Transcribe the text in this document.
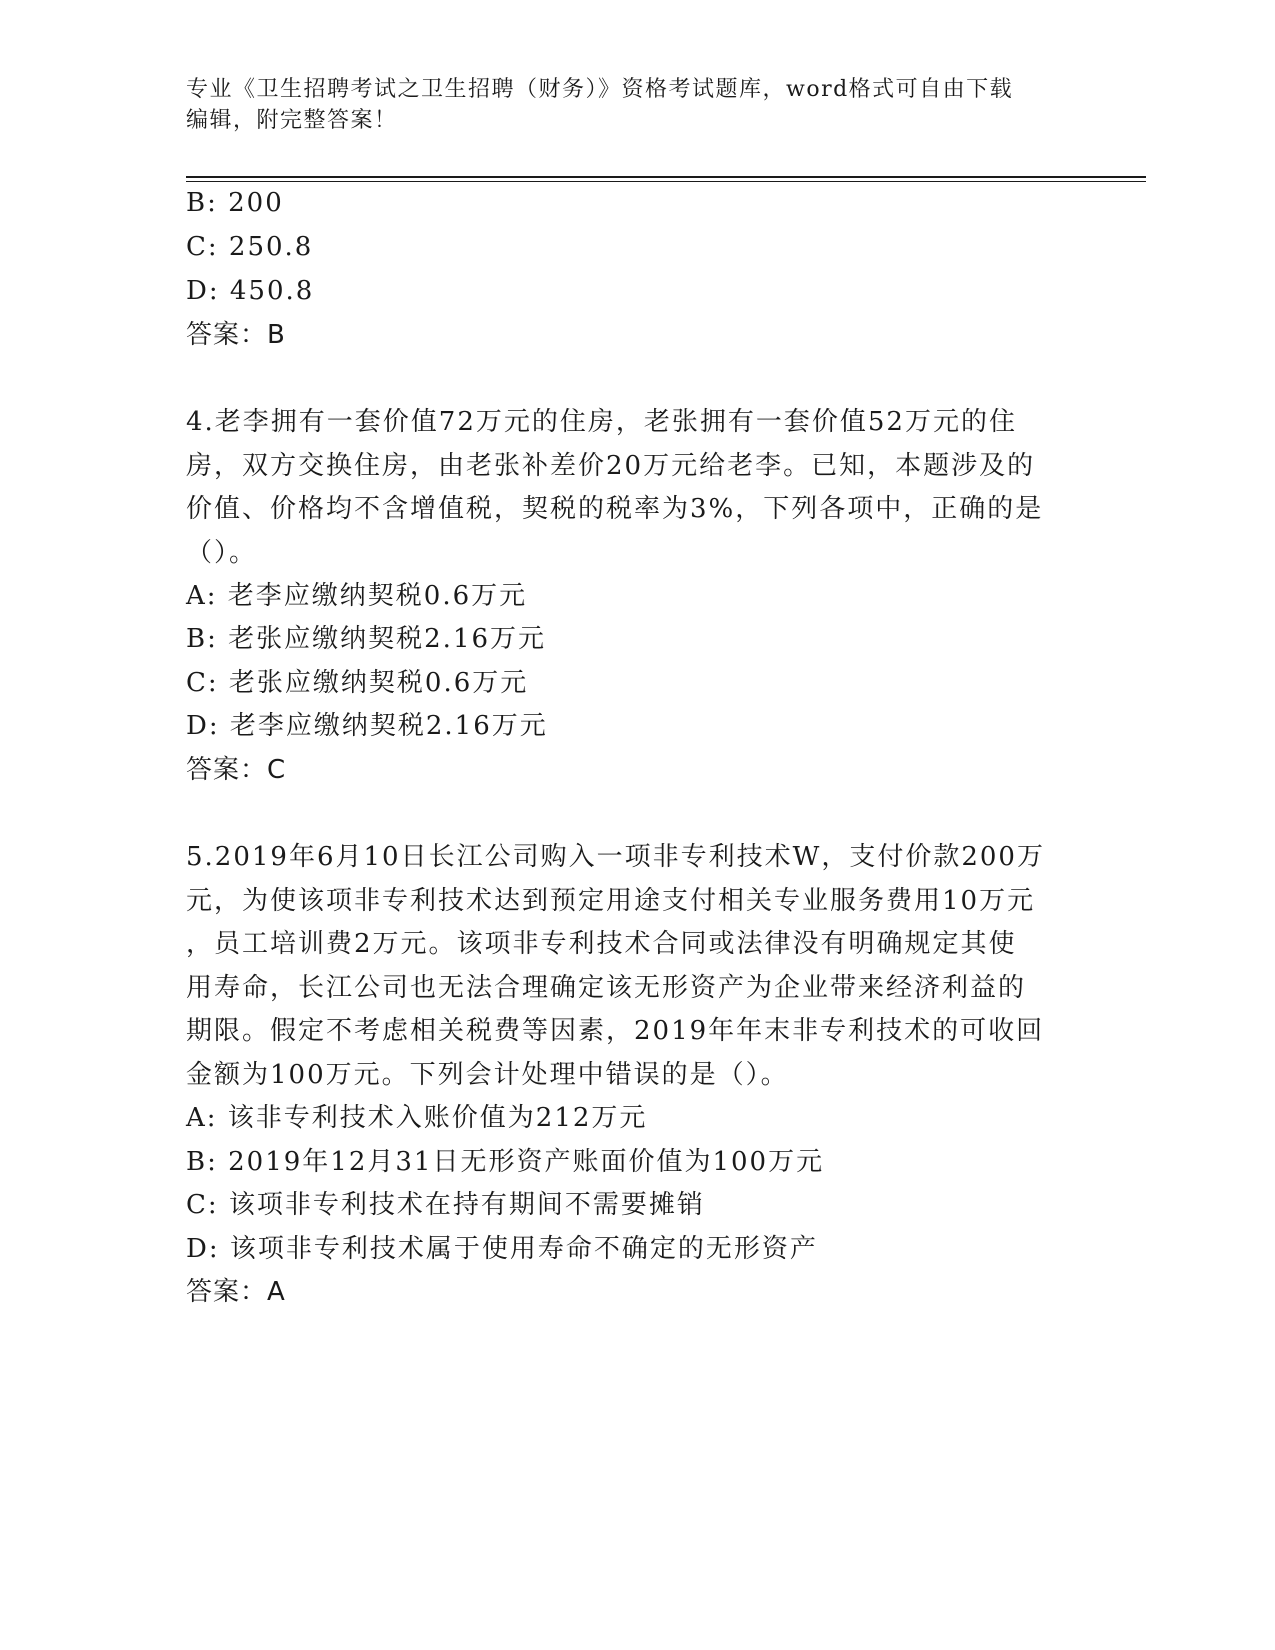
专业《卫生招聘考试之卫生招聘（财务）》资格考试题库，word格式可自由下载
编辑，附完整答案！
B: 200
C: 250.8
D: 450.8
答案：B
4.老李拥有一套价值72万元的住房，老张拥有一套价值52万元的住
房，双方交换住房，由老张补差价20万元给老李。已知，本题涉及的
价值、价格均不含增值税，契税的税率为3%，下列各项中，正确的是
（）。
A: 老李应缴纳契税0.6万元
B: 老张应缴纳契税2.16万元
C: 老张应缴纳契税0.6万元
D: 老李应缴纳契税2.16万元
答案：C
5.2019年6月10日长江公司购入一项非专利技术W，支付价款200万
元，为使该项非专利技术达到预定用途支付相关专业服务费用10万元
，员工培训费2万元。该项非专利技术合同或法律没有明确规定其使
用寿命，长江公司也无法合理确定该无形资产为企业带来经济利益的
期限。假定不考虑相关税费等因素，2019年年末非专利技术的可收回
金额为100万元。下列会计处理中错误的是（）。
A: 该非专利技术入账价值为212万元
B: 2019年12月31日无形资产账面价值为100万元
C: 该项非专利技术在持有期间不需要摊销
D: 该项非专利技术属于使用寿命不确定的无形资产
答案：A
